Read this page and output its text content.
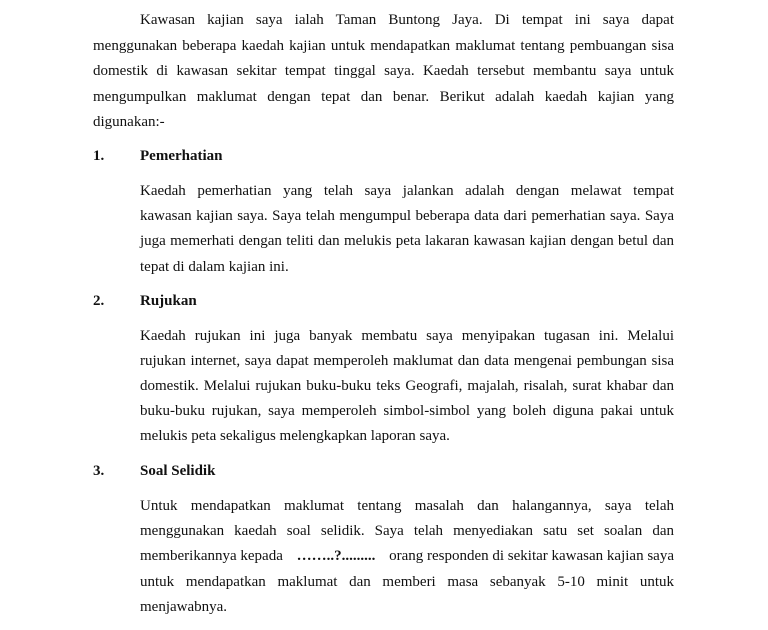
Kawasan kajian saya ialah Taman Buntong Jaya. Di tempat ini saya dapat
menggunakan beberapa kaedah kajian untuk mendapatkan maklumat tentang pembuangan sisa
domestik di kawasan sekitar tempat tinggal saya. Kaedah tersebut membantu saya untuk
mengumpulkan maklumat dengan tepat dan benar. Berikut adalah kaedah kajian yang
digunakan:-
1. Pemerhatian
Kaedah pemerhatian yang telah saya jalankan adalah dengan melawat tempat
kawasan kajian saya. Saya telah mengumpul beberapa data dari pemerhatian saya. Saya
juga memerhati dengan teliti dan melukis peta lakaran kawasan kajian dengan betul dan
tepat di dalam kajian ini.
2. Rujukan
Kaedah rujukan ini juga banyak membatu saya menyipakan tugasan ini. Melalui
rujukan internet, saya dapat memperoleh maklumat dan data mengenai pembungan sisa
domestik. Melalui rujukan buku-buku teks Geografi, majalah, risalah, surat khabar dan
buku-buku rujukan, saya memperoleh simbol-simbol yang boleh diguna pakai untuk
melukis peta sekaligus melengkapkan laporan saya.
3. Soal Selidik
Untuk mendapatkan maklumat tentang masalah dan halangannya, saya telah
menggunakan kaedah soal selidik. Saya telah menyediakan satu set soalan dan
memberikannya kepada ……..?......... orang responden di sekitar kawasan kajian saya
untuk mendapatkan maklumat dan memberi masa sebanyak 5-10 minit untuk
menjawabnya.
